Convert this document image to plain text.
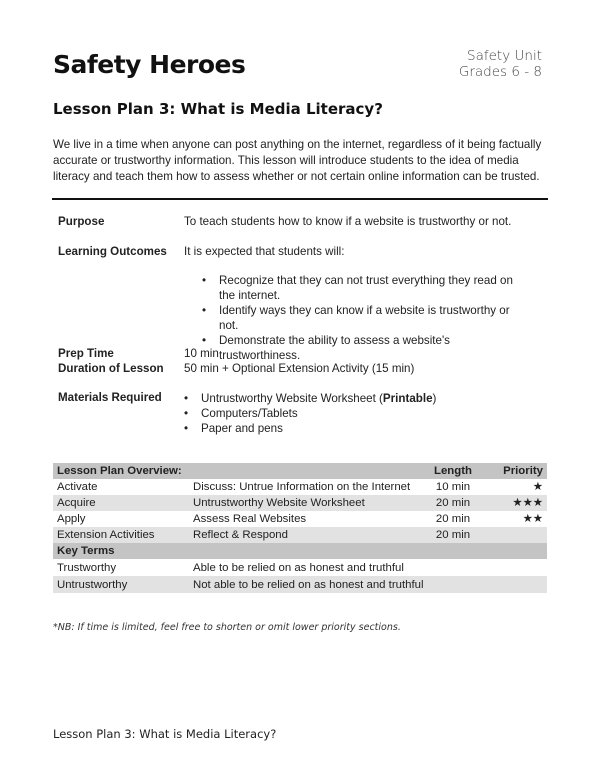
Safety Heroes	Safety Unit
Grades 6 - 8
Lesson Plan 3: What is Media Literacy?
We live in a time when anyone can post anything on the internet, regardless of it being factually accurate or trustworthy information. This lesson will introduce students to the idea of media literacy and teach them how to assess whether or not certain online information can be trusted.
Purpose	To teach students how to know if a website is trustworthy or not.
Learning Outcomes It is expected that students will:
• Recognize that they can not trust everything they read on the internet.
• Identify ways they can know if a website is trustworthy or not.
• Demonstrate the ability to assess a website's trustworthiness.
Prep Time	10 min
Duration of Lesson 50 min + Optional Extension Activity (15 min)
Materials Required	• Untrustworthy Website Worksheet (Printable)
• Computers/Tablets
• Paper and pens
Lesson Plan Overview:		Length	Priority
Activate	Discuss: Untrue Information on the Internet	10 min	★
Acquire	Untrustworthy Website Worksheet	20 min	★★★
Apply	Assess Real Websites	20 min	★★
Extension Activities	Reflect & Respond	20 min	
Key Terms			
Trustworthy	Able to be relied on as honest and truthful		
Untrustworthy	Not able to be relied on as honest and truthful		
*NB: If time is limited, feel free to shorten or omit lower priority sections.
Lesson Plan 3: What is Media Literacy?
